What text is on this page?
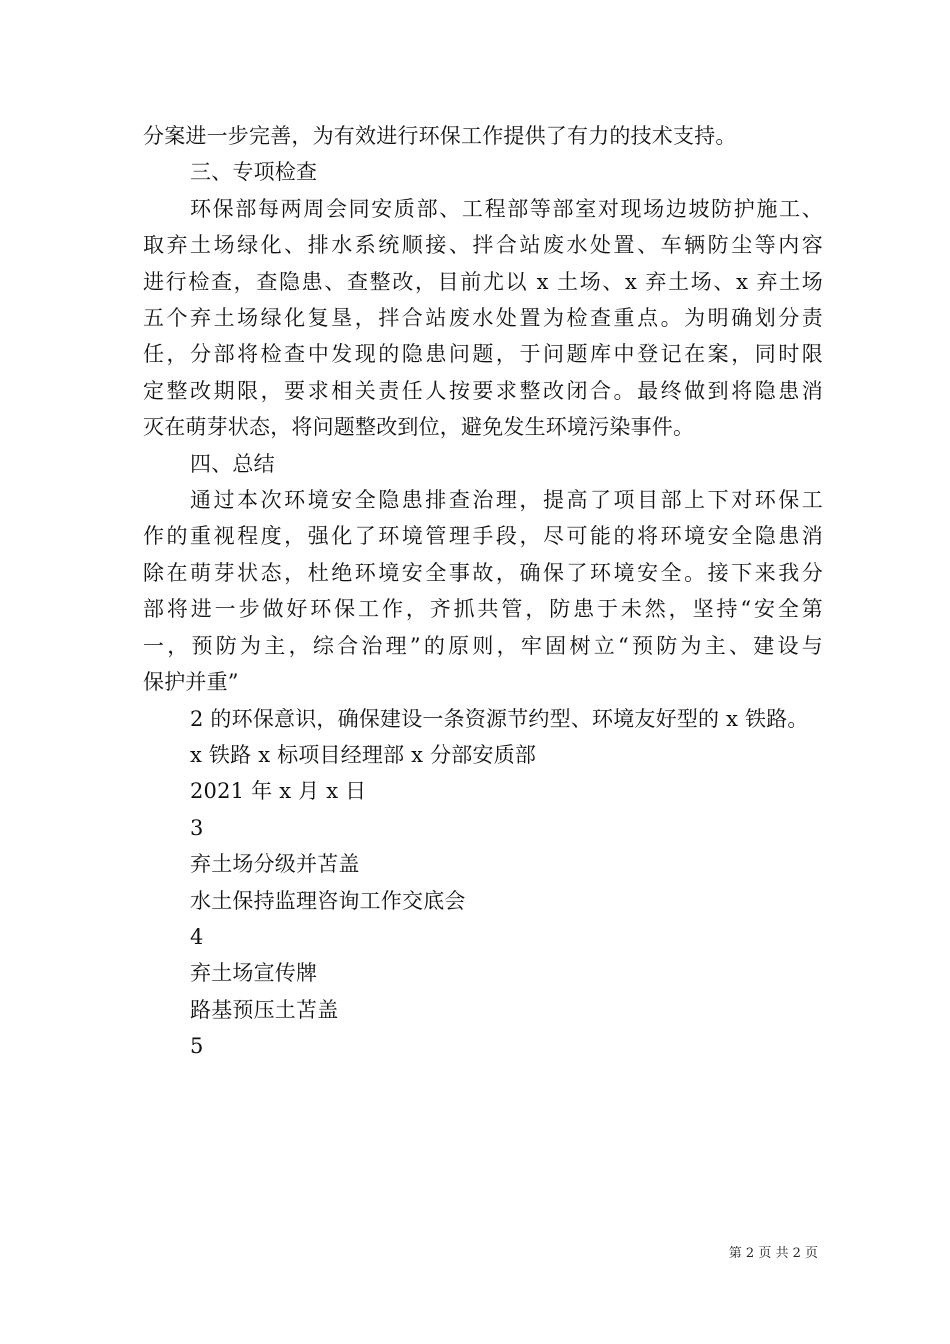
分案进一步完善，为有效进行环保工作提供了有力的技术支持。
三、专项检查
环保部每两周会同安质部、工程部等部室对现场边坡防护施工、
取弃土场绿化、排水系统顺接、拌合站废水处置、车辆防尘等内容
进行检查，查隐患、查整改，目前尤以 x 土场、x 弃土场、x 弃土场
五个弃土场绿化复垦，拌合站废水处置为检查重点。为明确划分责
任，分部将检查中发现的隐患问题，于问题库中登记在案，同时限
定整改期限，要求相关责任人按要求整改闭合。最终做到将隐患消
灭在萌芽状态，将问题整改到位，避免发生环境污染事件。
四、总结
通过本次环境安全隐患排查治理，提高了项目部上下对环保工
作的重视程度，强化了环境管理手段，尽可能的将环境安全隐患消
除在萌芽状态，杜绝环境安全事故，确保了环境安全。接下来我分
部将进一步做好环保工作，齐抓共管，防患于未然，坚持“安全第
一，预防为主，综合治理”的原则，牢固树立“预防为主、建设与
保护并重”
2 的环保意识，确保建设一条资源节约型、环境友好型的 x 铁路。
x 铁路 x 标项目经理部 x 分部安质部
2021 年 x 月 x 日
3
弃土场分级并苫盖
水土保持监理咨询工作交底会
4
弃土场宣传牌
路基预压土苫盖
5
第 2 页 共 2 页
